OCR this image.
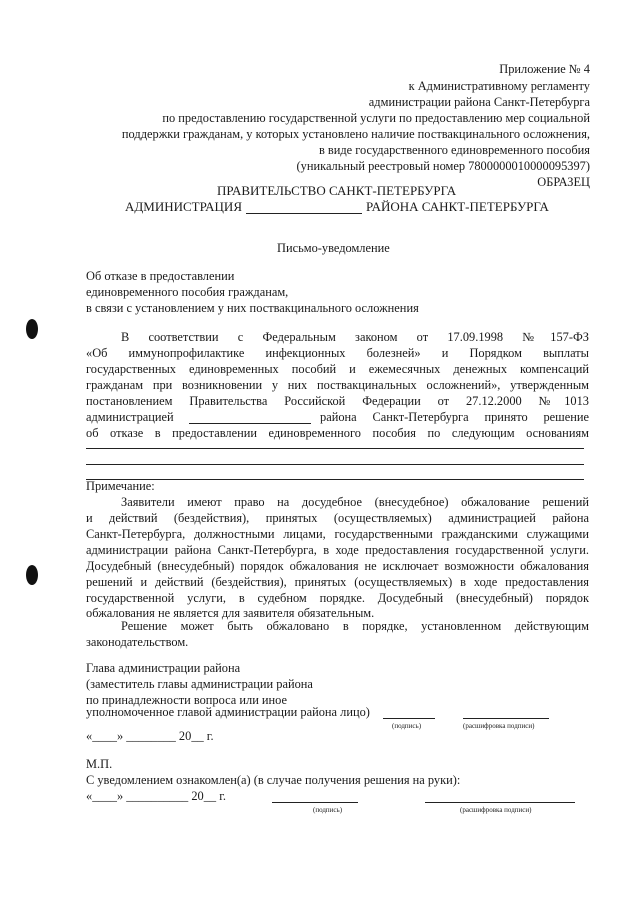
Приложение № 4
к Административному регламенту
администрации района Санкт-Петербурга
по предоставлению государственной услуги по предоставлению мер социальной
поддержки гражданам, у которых установлено наличие поствакцинального осложнения,
в виде государственного единовременного пособия
(уникальный реестровый номер 7800000010000095397)
ОБРАЗЕЦ
ПРАВИТЕЛЬСТВО САНКТ-ПЕТЕРБУРГА
АДМИНИСТРАЦИЯ	РАЙОНА САНКТ-ПЕТЕРБУРГА
Письмо-уведомление
Об отказе в предоставлении
единовременного пособия гражданам,
в связи с установлением у них поствакцинального осложнения
В соответствии с Федеральным законом от 17.09.1998 №157-ФЗ
«Об иммунопрофилактике инфекционных болезней» и Порядком выплаты
государственных единовременных пособий и ежемесячных денежных компенсаций
гражданам при возникновении у них поствакцинальных осложнений», утвержденным
постановлением Правительства Российской Федерации от 27.12.2000 №1013
администрацией	района Санкт-Петербурга принято решение
об отказе в предоставлении единовременного пособия по следующим основаниям
Примечание:
Заявители имеют право на досудебное (внесудебное) обжалование решений
и действий (бездействия), принятых (осуществляемых) администрацией района
Санкт-Петербурга, должностными лицами, государственными гражданскими служащими
администрации района Санкт-Петербурга, в ходе предоставления государственной услуги.
Досудебный (внесудебный) порядок обжалования не исключает возможности обжалования
решений и действий (бездействия), принятых (осуществляемых) в ходе предоставления
государственной услуги, в судебном порядке. Досудебный (внесудебный) порядок
обжалования не является для заявителя обязательным.
Решение может быть обжаловано в порядке, установленном действующим
законодательством.
Глава администрации района
(заместитель главы администрации района
по принадлежности вопроса или иное
уполномоченное главой администрации района лицо)
(подпись)	(расшифровка подписи)
«____» ________ 20__ г.
М.П.
С уведомлением ознакомлен(а) (в случае получения решения на руки):
«____» __________ 20__ г.
(подпись)	(расшифровка подписи)
